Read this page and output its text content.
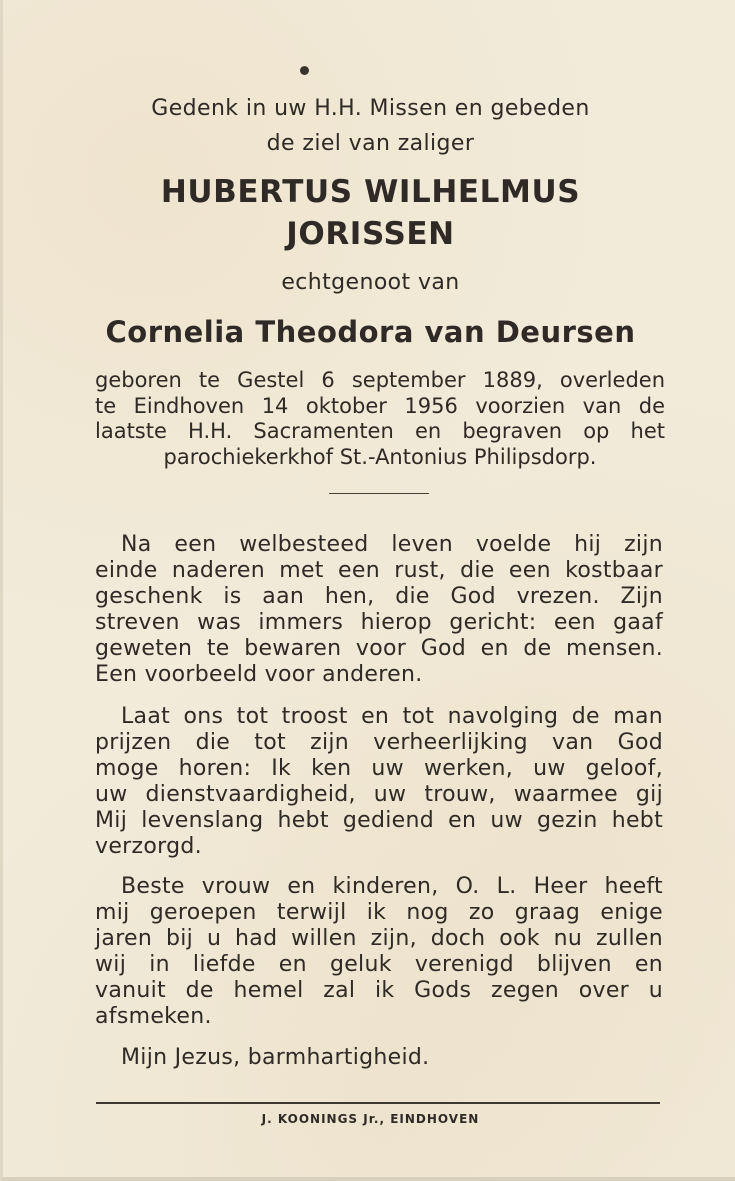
Gedenk in uw H.H. Missen en gebeden
de ziel van zaliger
HUBERTUS WILHELMUS
JORISSEN
echtgenoot van
Cornelia Theodora van Deursen
geboren te Gestel 6 september 1889, overleden
te Eindhoven 14 oktober 1956 voorzien van de
laatste H.H. Sacramenten en begraven op het
parochiekerkhof St.-Antonius Philipsdorp.
Na een welbesteed leven voelde hij zijn
einde naderen met een rust, die een kostbaar
geschenk is aan hen, die God vrezen. Zijn
streven was immers hierop gericht: een gaaf
geweten te bewaren voor God en de mensen.
Een voorbeeld voor anderen.
Laat ons tot troost en tot navolging de man
prijzen die tot zijn verheerlijking van God
moge horen: Ik ken uw werken, uw geloof,
uw dienstvaardigheid, uw trouw, waarmee gij
Mij levenslang hebt gediend en uw gezin hebt
verzorgd.
Beste vrouw en kinderen, O. L. Heer heeft
mij geroepen terwijl ik nog zo graag enige
jaren bij u had willen zijn, doch ook nu zullen
wij in liefde en geluk verenigd blijven en
vanuit de hemel zal ik Gods zegen over u
afsmeken.
Mijn Jezus, barmhartigheid.
J. KOONINGS Jr., EINDHOVEN
